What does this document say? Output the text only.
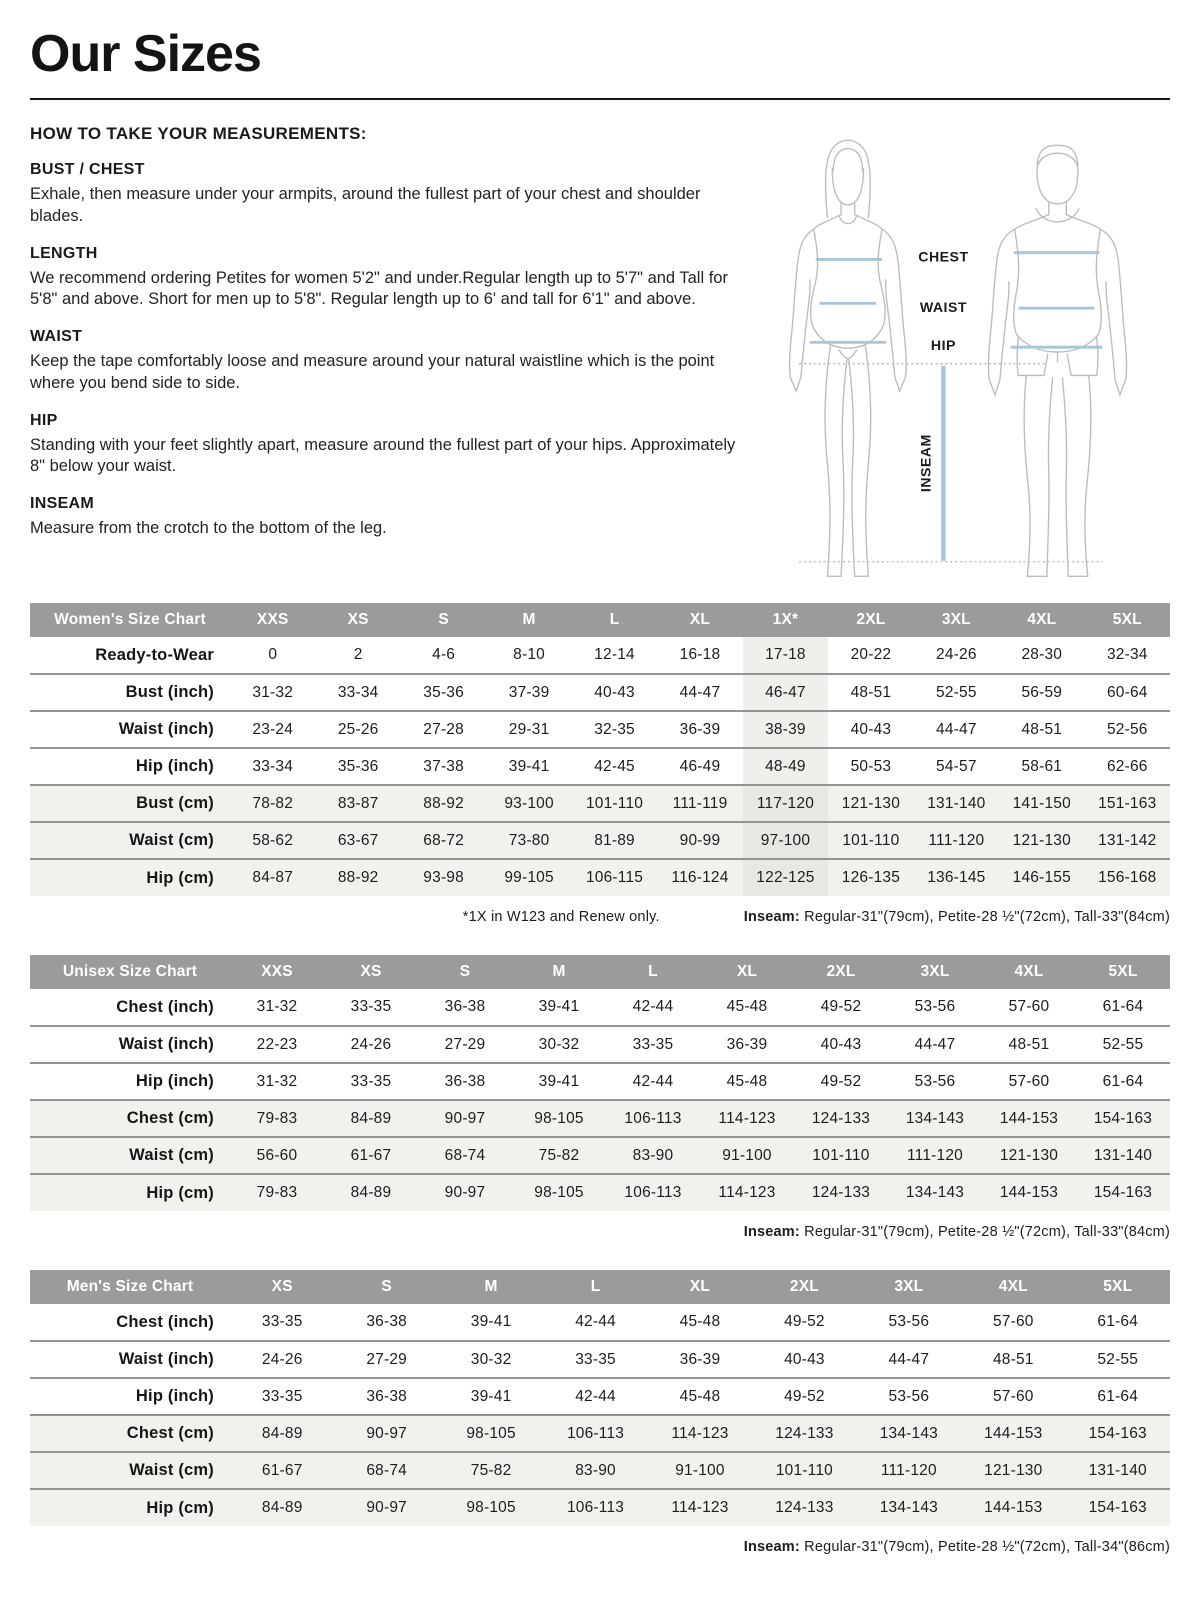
Our Sizes
HOW TO TAKE YOUR MEASUREMENTS:
BUST / CHEST
Exhale, then measure under your armpits, around the fullest part of your chest and shoulder blades.
LENGTH
We recommend ordering Petites for women 5'2" and under.Regular length up to 5'7" and Tall for 5'8" and above. Short for men up to 5'8". Regular length up to 6' and tall for 6'1" and above.
WAIST
Keep the tape comfortably loose and measure around your natural waistline which is the point where you bend side to side.
HIP
Standing with your feet slightly apart, measure around the fullest part of your hips. Approximately 8" below your waist.
INSEAM
Measure from the crotch to the bottom of the leg.
CHEST
WAIST
HIP
INSEAM
Women's Size Chart	XXS	XS	S	M	L	XL	1X*	2XL	3XL	4XL	5XL
Ready-to-Wear	0	2	4-6	8-10	12-14	16-18	17-18	20-22	24-26	28-30	32-34
Bust (inch)	31-32	33-34	35-36	37-39	40-43	44-47	46-47	48-51	52-55	56-59	60-64
Waist (inch)	23-24	25-26	27-28	29-31	32-35	36-39	38-39	40-43	44-47	48-51	52-56
Hip (inch)	33-34	35-36	37-38	39-41	42-45	46-49	48-49	50-53	54-57	58-61	62-66
Bust (cm)	78-82	83-87	88-92	93-100	101-110	111-119	117-120	121-130	131-140	141-150	151-163
Waist (cm)	58-62	63-67	68-72	73-80	81-89	90-99	97-100	101-110	111-120	121-130	131-142
Hip (cm)	84-87	88-92	93-98	99-105	106-115	116-124	122-125	126-135	136-145	146-155	156-168
*1X in W123 and Renew only.	Inseam: Regular-31"(79cm), Petite-28 ½"(72cm), Tall-33"(84cm)
Unisex Size Chart	XXS	XS	S	M	L	XL	2XL	3XL	4XL	5XL
Chest (inch)	31-32	33-35	36-38	39-41	42-44	45-48	49-52	53-56	57-60	61-64
Waist (inch)	22-23	24-26	27-29	30-32	33-35	36-39	40-43	44-47	48-51	52-55
Hip (inch)	31-32	33-35	36-38	39-41	42-44	45-48	49-52	53-56	57-60	61-64
Chest (cm)	79-83	84-89	90-97	98-105	106-113	114-123	124-133	134-143	144-153	154-163
Waist (cm)	56-60	61-67	68-74	75-82	83-90	91-100	101-110	111-120	121-130	131-140
Hip (cm)	79-83	84-89	90-97	98-105	106-113	114-123	124-133	134-143	144-153	154-163
Inseam: Regular-31"(79cm), Petite-28 ½"(72cm), Tall-33"(84cm)
Men's Size Chart	XS	S	M	L	XL	2XL	3XL	4XL	5XL
Chest (inch)	33-35	36-38	39-41	42-44	45-48	49-52	53-56	57-60	61-64
Waist (inch)	24-26	27-29	30-32	33-35	36-39	40-43	44-47	48-51	52-55
Hip (inch)	33-35	36-38	39-41	42-44	45-48	49-52	53-56	57-60	61-64
Chest (cm)	84-89	90-97	98-105	106-113	114-123	124-133	134-143	144-153	154-163
Waist (cm)	61-67	68-74	75-82	83-90	91-100	101-110	111-120	121-130	131-140
Hip (cm)	84-89	90-97	98-105	106-113	114-123	124-133	134-143	144-153	154-163
Inseam: Regular-31"(79cm), Petite-28 ½"(72cm), Tall-34"(86cm)
